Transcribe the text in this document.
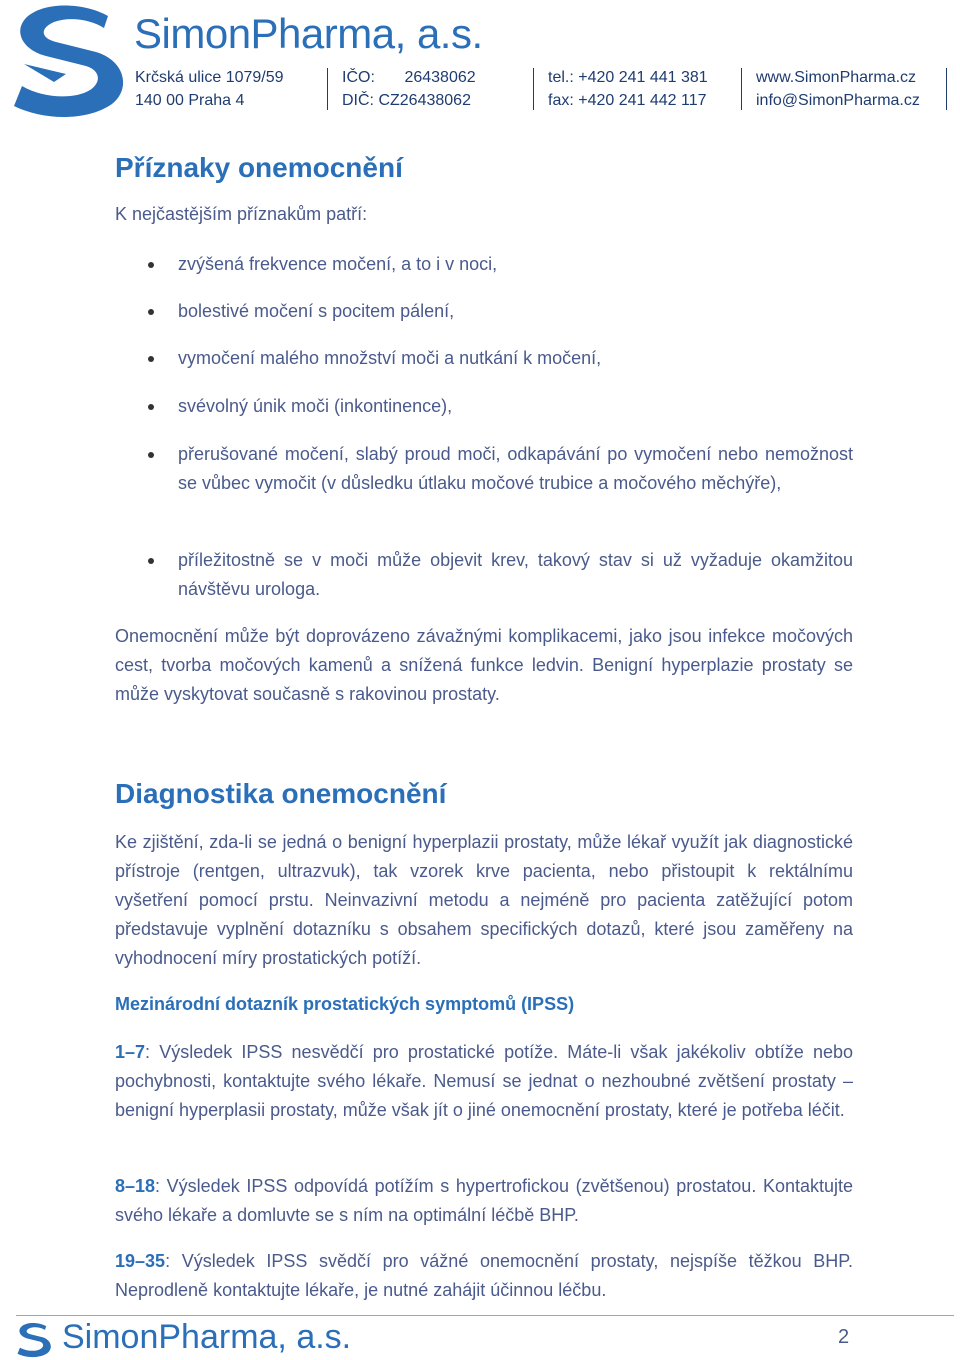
SimonPharma, a.s.
Krčská ulice 1079/59
140 00 Praha 4
IČO: 26438062
DIČ: CZ26438062
tel.: +420 241 441 381
fax: +420 241 442 117
www.SimonPharma.cz
info@SimonPharma.cz
Příznaky onemocnění
K nejčastějším příznakům patří:
zvýšená frekvence močení, a to i v noci,
bolestivé močení s pocitem pálení,
vymočení malého množství moči a nutkání k močení,
svévolný únik moči (inkontinence),
přerušované močení, slabý proud moči, odkapávání po vymočení nebo nemožnost se vůbec vymočit (v důsledku útlaku močové trubice a močového měchýře),
příležitostně se v moči může objevit krev, takový stav si už vyžaduje okamžitou návštěvu urologa.

Onemocnění může být doprovázeno závažnými komplikacemi, jako jsou infekce močových cest, tvorba močových kamenů a snížená funkce ledvin. Benigní hyperplazie prostaty se může vyskytovat současně s rakovinou prostaty.

Diagnostika onemocnění

Ke zjištění, zda-li se jedná o benigní hyperplazii prostaty, může lékař využít jak diagnostické přístroje (rentgen, ultrazvuk), tak vzorek krve pacienta, nebo přistoupit k rektálnímu vyšetření pomocí prstu. Neinvazivní metodu a nejméně pro pacienta zatěžující potom představuje vyplnění dotazníku s obsahem specifických dotazů, které jsou zaměřeny na vyhodnocení míry prostatických potíží.

Mezinárodní dotazník prostatických symptomů (IPSS)

1–7: Výsledek IPSS nesvědčí pro prostatické potíže. Máte-li však jakékoliv obtíže nebo pochybnosti, kontaktujte svého lékaře. Nemusí se jednat o nezhoubné zvětšení prostaty – benigní hyperplasii prostaty, může však jít o jiné onemocnění prostaty, které je potřeba léčit.

8–18: Výsledek IPSS odpovídá potížím s hypertrofickou (zvětšenou) prostatou. Kontaktujte svého lékaře a domluvte se s ním na optimální léčbě BHP.

19–35: Výsledek IPSS svědčí pro vážné onemocnění prostaty, nejspíše těžkou BHP. Neprodleně kontaktujte lékaře, je nutné zahájit účinnou léčbu.

SimonPharma, a.s.	2
